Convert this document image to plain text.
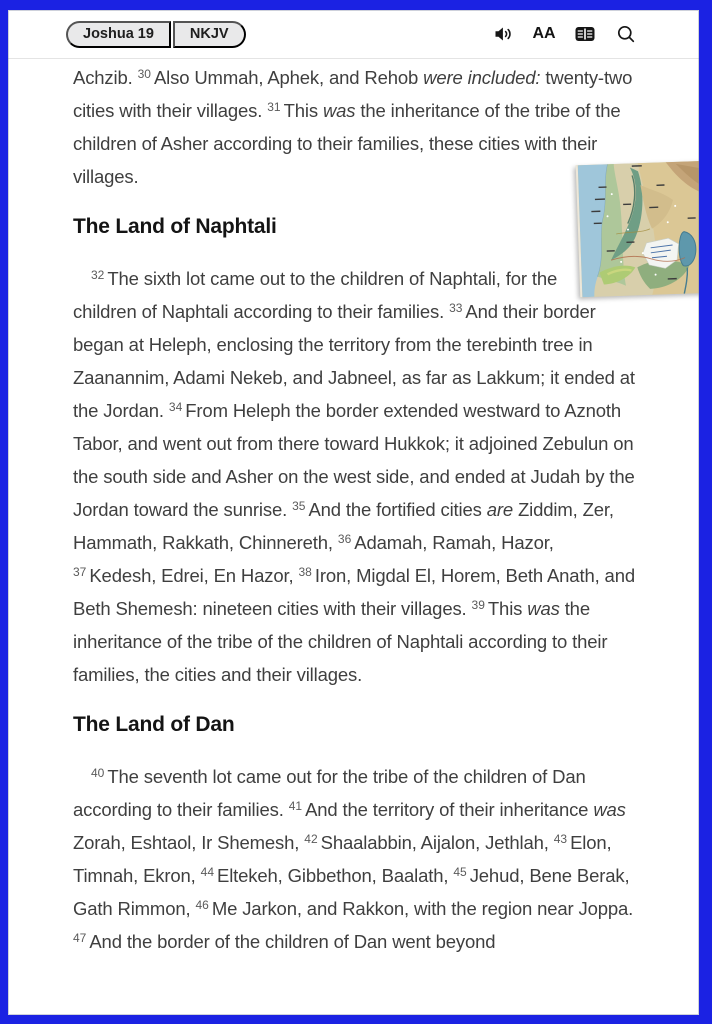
Joshua 19	NKJV	AA

Achzib. $^{30}$ Also Ummah, Aphek, and Rehob were included: twenty-two cities with their villages. $^{31}$ This was the inheritance of the tribe of the children of Asher according to their families, these cities with their villages.

The Land of Naphtali

$^{32}$ The sixth lot came out to the children of Naphtali, for the children of Naphtali according to their families. $^{33}$ And their border began at Heleph, enclosing the territory from the terebinth tree in Zaanannim, Adami Nekeb, and Jabneel, as far as Lakkum; it ended at the Jordan. $^{34}$ From Heleph the border extended westward to Aznoth Tabor, and went out from there toward Hukkok; it adjoined Zebulun on the south side and Asher on the west side, and ended at Judah by the Jordan toward the sunrise. $^{35}$ And the fortified cities are Ziddim, Zer, Hammath, Rakkath, Chinnereth, $^{36}$ Adamah, Ramah, Hazor, $^{37}$ Kedesh, Edrei, En Hazor, $^{38}$ Iron, Migdal El, Horem, Beth Anath, and Beth Shemesh: nineteen cities with their villages. $^{39}$ This was the inheritance of the tribe of the children of Naphtali according to their families, the cities and their villages.

The Land of Dan

$^{40}$ The seventh lot came out for the tribe of the children of Dan according to their families. $^{41}$ And the territory of their inheritance was Zorah, Eshtaol, Ir Shemesh, $^{42}$ Shaalabbin, Aijalon, Jethlah, $^{43}$ Elon, Timnah, Ekron, $^{44}$ Eltekeh, Gibbethon, Baalath, $^{45}$ Jehud, Bene Berak, Gath Rimmon, $^{46}$ Me Jarkon, and Rakkon, with the region near Joppa. $^{47}$ And the border of the children of Dan went beyond
